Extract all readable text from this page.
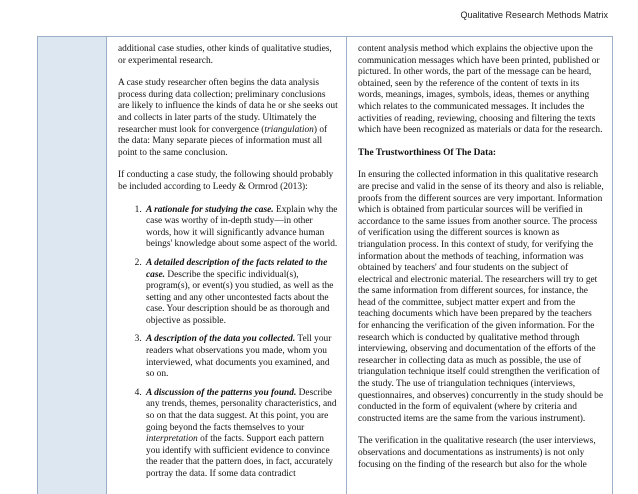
Qualitative Research Methods Matrix

additional case studies, other kinds of qualitative studies, or experimental research.

A case study researcher often begins the data analysis process during data collection; preliminary conclusions are likely to influence the kinds of data he or she seeks out and collects in later parts of the study. Ultimately the researcher must look for convergence (triangulation) of the data: Many separate pieces of information must all point to the same conclusion.

If conducting a case study, the following should probably be included according to Leedy & Ormrod (2013):

1. A rationale for studying the case. Explain why the case was worthy of in-depth study—in other words, how it will significantly advance human beings' knowledge about some aspect of the world.
2. A detailed description of the facts related to the case. Describe the specific individual(s), program(s), or event(s) you studied, as well as the setting and any other uncontested facts about the case. Your description should be as thorough and objective as possible.
3. A description of the data you collected. Tell your readers what observations you made, whom you interviewed, what documents you examined, and so on.
4. A discussion of the patterns you found. Describe any trends, themes, personality characteristics, and so on that the data suggest. At this point, you are going beyond the facts themselves to your interpretation of the facts. Support each pattern you identify with sufficient evidence to convince the reader that the pattern does, in fact, accurately portray the data. If some data contradict

content analysis method which explains the objective upon the communication messages which have been printed, published or pictured. In other words, the part of the message can be heard, obtained, seen by the reference of the content of texts in its words, meanings, images, symbols, ideas, themes or anything which relates to the communicated messages. It includes the activities of reading, reviewing, choosing and filtering the texts which have been recognized as materials or data for the research.

The Trustworthiness Of The Data:

In ensuring the collected information in this qualitative research are precise and valid in the sense of its theory and also is reliable, proofs from the different sources are very important. Information which is obtained from particular sources will be verified in accordance to the same issues from another source. The process of verification using the different sources is known as triangulation process. In this context of study, for verifying the information about the methods of teaching, information was obtained by teachers' and four students on the subject of electrical and electronic material. The researchers will try to get the same information from different sources, for instance, the head of the committee, subject matter expert and from the teaching documents which have been prepared by the teachers for enhancing the verification of the given information. For the research which is conducted by qualitative method through interviewing, observing and documentation of the efforts of the researcher in collecting data as much as possible, the use of triangulation technique itself could strengthen the verification of the study. The use of triangulation techniques (interviews, questionnaires, and observes) concurrently in the study should be conducted in the form of equivalent (where by criteria and constructed items are the same from the various instrument).

The verification in the qualitative research (the user interviews, observations and documentations as instruments) is not only focusing on the finding of the research but also for the whole
